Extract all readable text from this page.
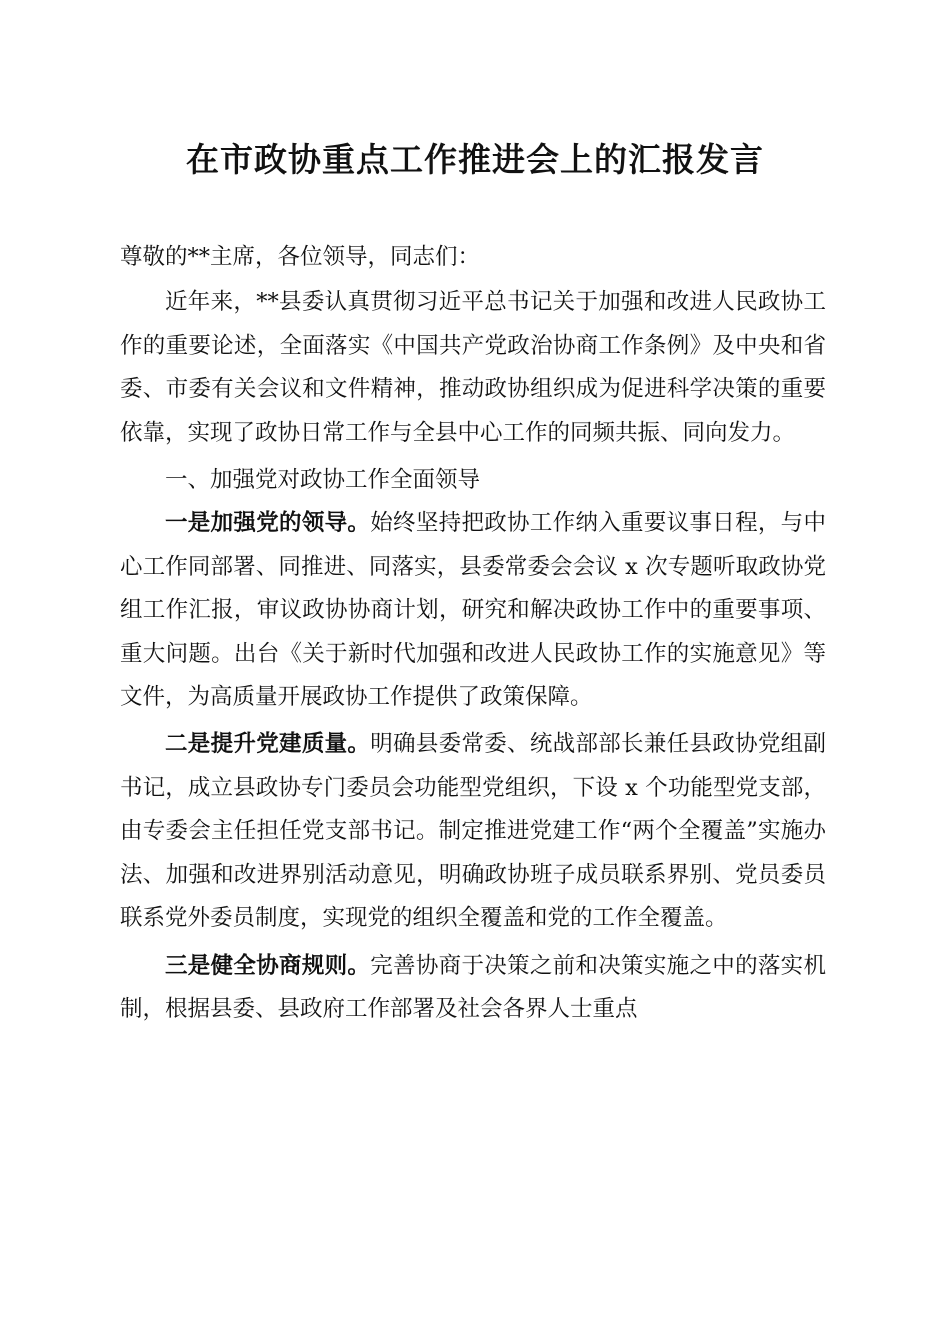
在市政协重点工作推进会上的汇报发言

尊敬的**主席，各位领导，同志们：

近年来，**县委认真贯彻习近平总书记关于加强和改进人民政协工作的重要论述，全面落实《中国共产党政治协商工作条例》及中央和省委、市委有关会议和文件精神，推动政协组织成为促进科学决策的重要依靠，实现了政协日常工作与全县中心工作的同频共振、同向发力。

一、加强党对政协工作全面领导

一是加强党的领导。始终坚持把政协工作纳入重要议事日程，与中心工作同部署、同推进、同落实，县委常委会会议 x 次专题听取政协党组工作汇报，审议政协协商计划，研究和解决政协工作中的重要事项、重大问题。出台《关于新时代加强和改进人民政协工作的实施意见》等文件，为高质量开展政协工作提供了政策保障。

二是提升党建质量。明确县委常委、统战部部长兼任县政协党组副书记，成立县政协专门委员会功能型党组织，下设 x 个功能型党支部，由专委会主任担任党支部书记。制定推进党建工作“两个全覆盖”实施办法、加强和改进界别活动意见，明确政协班子成员联系界别、党员委员联系党外委员制度，实现党的组织全覆盖和党的工作全覆盖。

三是健全协商规则。完善协商于决策之前和决策实施之中的落实机制，根据县委、县政府工作部署及社会各界人士重点
